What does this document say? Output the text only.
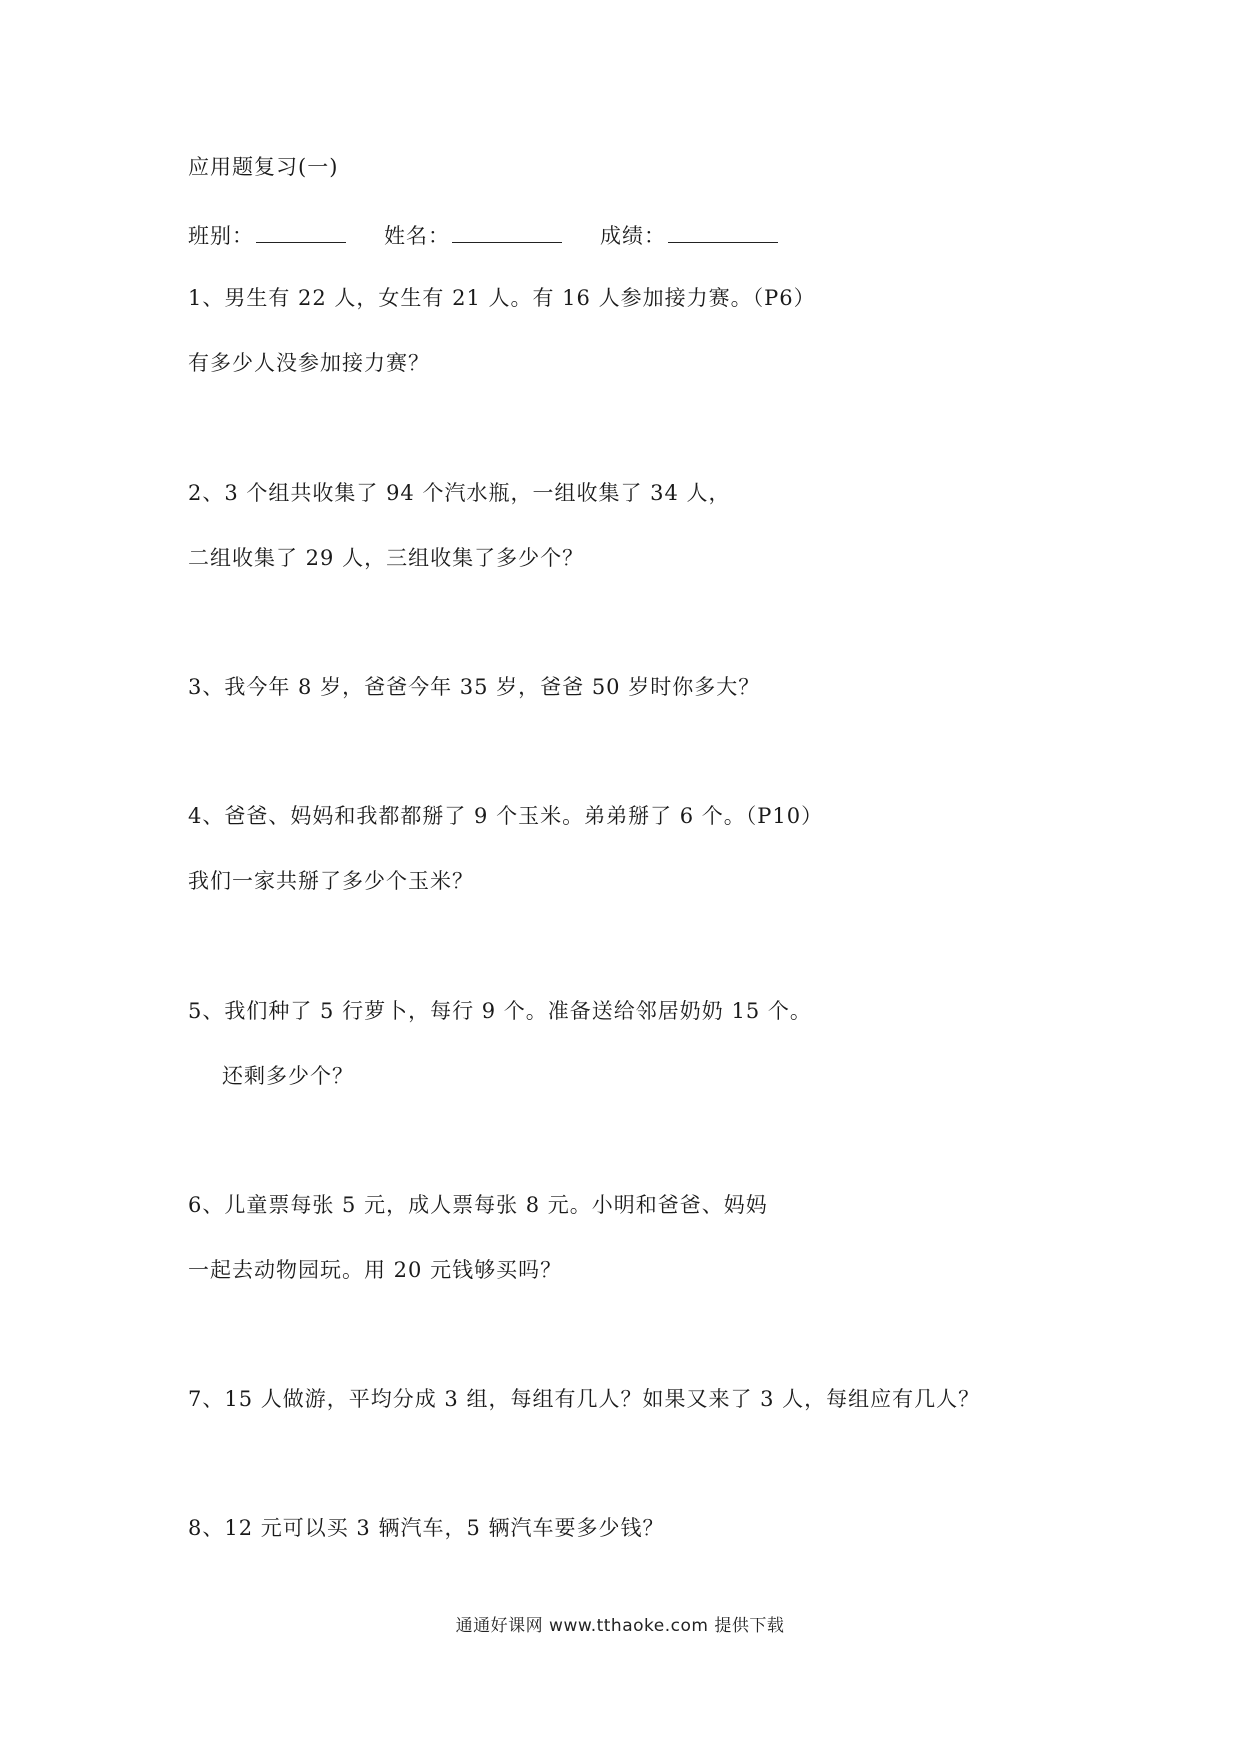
应用题复习(一)
班别：	姓名：	成绩：
1、男生有 22 人，女生有 21 人。有 16 人参加接力赛。（P6）
有多少人没参加接力赛？
2、3 个组共收集了 94 个汽水瓶，一组收集了 34 人，
二组收集了 29 人，三组收集了多少个？
3、我今年 8 岁，爸爸今年 35 岁，爸爸 50 岁时你多大？
4、爸爸、妈妈和我都都掰了 9 个玉米。弟弟掰了 6 个。（P10）
我们一家共掰了多少个玉米？
5、我们种了 5 行萝卜，每行 9 个。准备送给邻居奶奶 15 个。
还剩多少个？
6、儿童票每张 5 元，成人票每张 8 元。小明和爸爸、妈妈
一起去动物园玩。用 20 元钱够买吗？
7、15 人做游，平均分成 3 组，每组有几人？如果又来了 3 人，每组应有几人？
8、12 元可以买 3 辆汽车，5 辆汽车要多少钱？
通通好课网 www.tthaoke.com 提供下载
